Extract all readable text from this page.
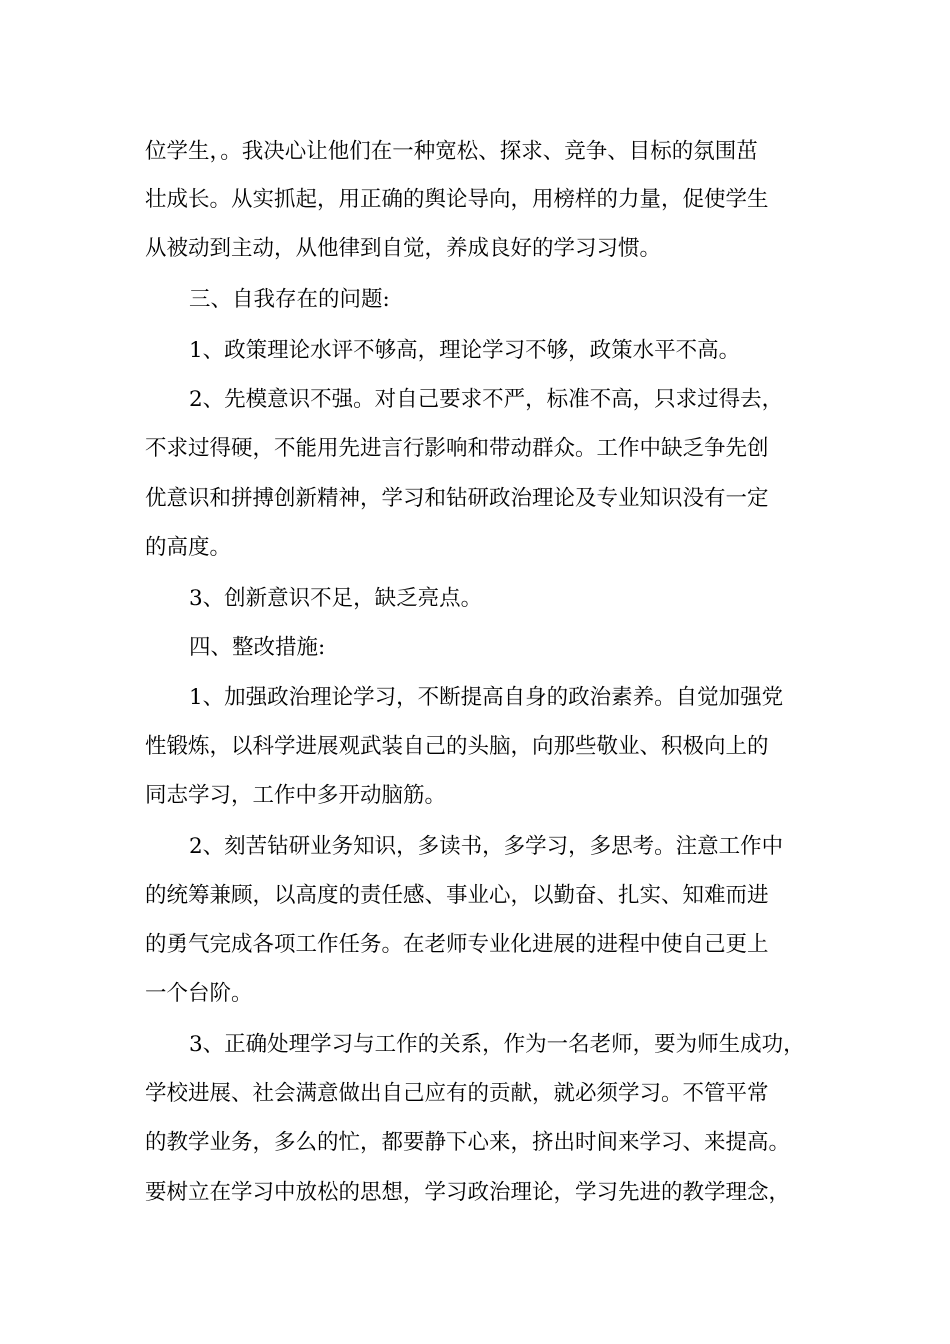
位学生，。我决心让他们在一种宽松、探求、竞争、目标的氛围茁
壮成长。从实抓起，用正确的舆论导向，用榜样的力量，促使学生
从被动到主动，从他律到自觉，养成良好的学习习惯。
三、自我存在的问题:
1、政策理论水评不够高，理论学习不够，政策水平不高。
2、先模意识不强。对自己要求不严，标准不高，只求过得去，
不求过得硬，不能用先进言行影响和带动群众。工作中缺乏争先创
优意识和拼搏创新精神，学习和钻研政治理论及专业知识没有一定
的高度。
3、创新意识不足，缺乏亮点。
四、整改措施:
1、加强政治理论学习，不断提高自身的政治素养。自觉加强党
性锻炼，以科学进展观武装自己的头脑，向那些敬业、积极向上的
同志学习，工作中多开动脑筋。
2、刻苦钻研业务知识，多读书，多学习，多思考。注意工作中
的统筹兼顾，以高度的责任感、事业心，以勤奋、扎实、知难而进
的勇气完成各项工作任务。在老师专业化进展的进程中使自己更上
一个台阶。
3、正确处理学习与工作的关系，作为一名老师，要为师生成功，
学校进展、社会满意做出自己应有的贡献，就必须学习。不管平常
的教学业务，多么的忙，都要静下心来，挤出时间来学习、来提高。
要树立在学习中放松的思想，学习政治理论，学习先进的教学理念，
